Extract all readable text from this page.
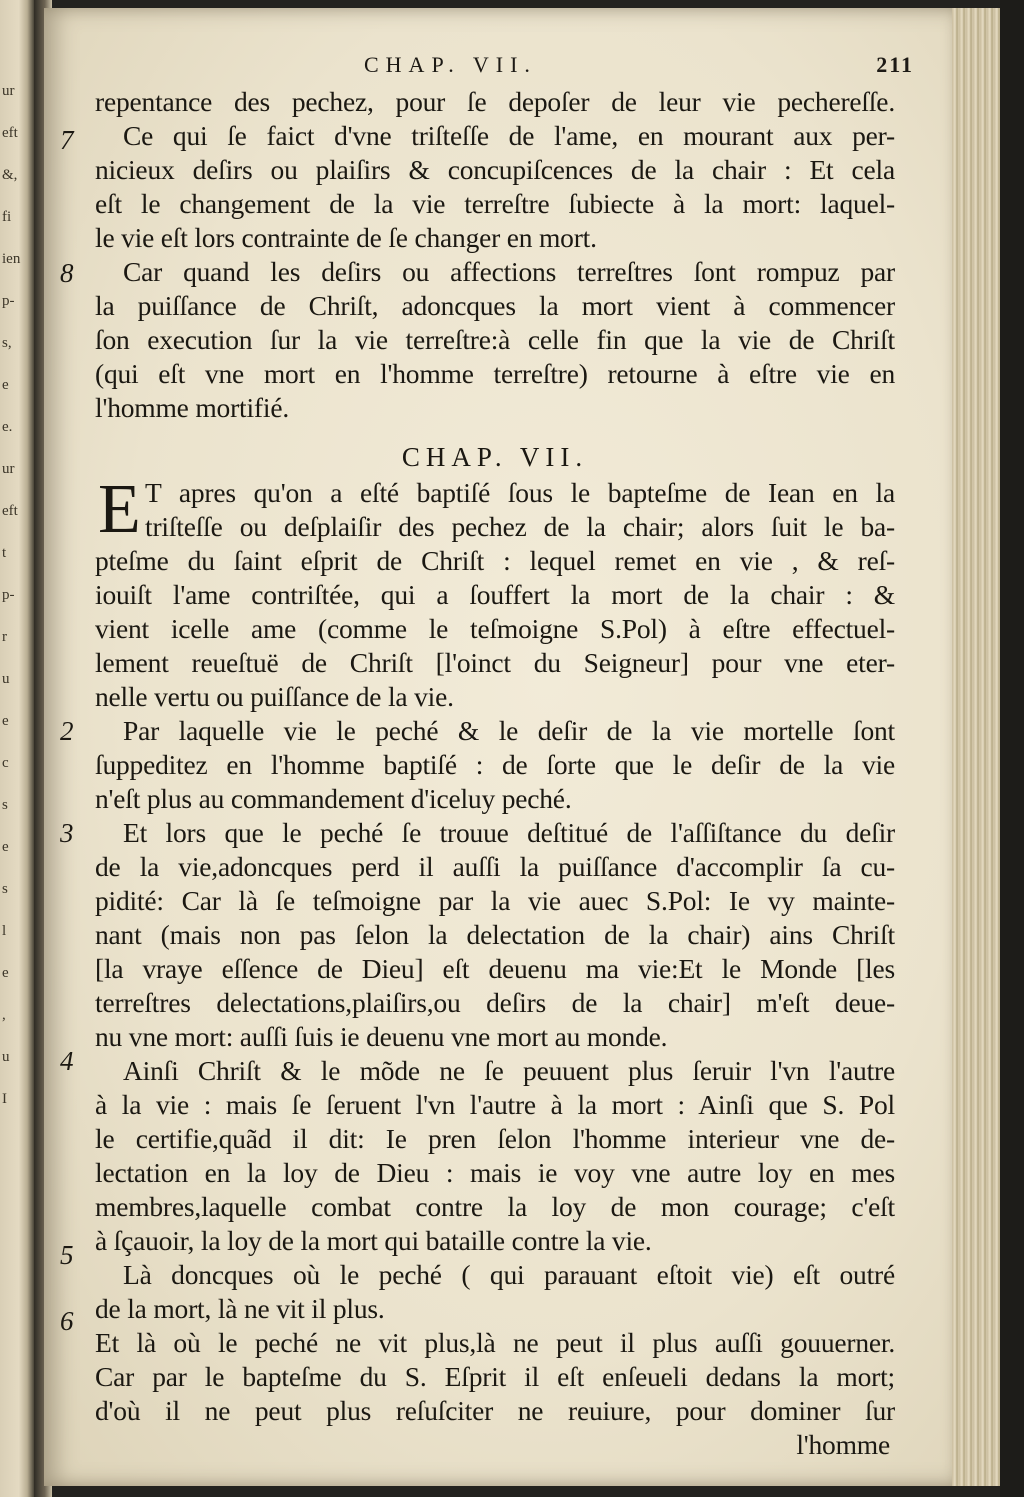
ur
eft
&,
fi
ien
p-
s,
e
e.
ur
eft
t
p-
r
u
e
c
s
e
s
l
e
,
u
I
CHAP. VII.	211
repentance des pechez, pour ſe depoſer de leur vie pechereſſe.
Ce qui ſe faict d'vne triſteſſe de l'ame, en mourant aux per-
nicieux deſirs ou plaiſirs & concupiſcences de la chair : Et cela
eſt le changement de la vie terreſtre ſubiecte à la mort: laquel-
le vie eſt lors contrainte de ſe changer en mort.
Car quand les deſirs ou affections terreſtres ſont rompuz par
la puiſſance de Chriſt, adoncques la mort vient à commencer
ſon execution ſur la vie terreſtre:à celle fin que la vie de Chriſt
(qui eſt vne mort en l'homme terreſtre) retourne à eſtre vie en
l'homme mortifié.
7
8
CHAP. VII.
E T apres qu'on a eſté baptiſé ſous le bapteſme de Iean en la
triſteſſe ou deſplaiſir des pechez de la chair; alors ſuit le ba-
pteſme du ſaint eſprit de Chriſt : lequel remet en vie , & reſ-
iouiſt l'ame contriſtée, qui a ſouffert la mort de la chair : &
vient icelle ame (comme le teſmoigne S.Pol) à eſtre effectuel-
lement reueſtuë de Chriſt [l'oinct du Seigneur] pour vne eter-
nelle vertu ou puiſſance de la vie.
Par laquelle vie le peché & le deſir de la vie mortelle ſont
ſuppeditez en l'homme baptiſé : de ſorte que le deſir de la vie
n'eſt plus au commandement d'iceluy peché.
Et lors que le peché ſe trouue deſtitué de l'aſſiſtance du deſir
de la vie,adoncques perd il auſſi la puiſſance d'accomplir ſa cu-
pidité: Car là ſe teſmoigne par la vie auec S.Pol: Ie vy mainte-
nant (mais non pas ſelon la delectation de la chair) ains Chriſt
[la vraye eſſence de Dieu] eſt deuenu ma vie:Et le Monde [les
terreſtres delectations,plaiſirs,ou deſirs de la chair] m'eſt deue-
nu vne mort: auſſi ſuis ie deuenu vne mort au monde.
Ainſi Chriſt & le mõde ne ſe peuuent plus ſeruir l'vn l'autre
à la vie : mais ſe ſeruent l'vn l'autre à la mort : Ainſi que S. Pol
le certifie,quãd il dit: Ie pren ſelon l'homme interieur vne de-
lectation en la loy de Dieu : mais ie voy vne autre loy en mes
membres,laquelle combat contre la loy de mon courage; c'eſt
à ſçauoir, la loy de la mort qui bataille contre la vie.
Là doncques où le peché ( qui parauant eſtoit vie) eſt outré
de la mort, là ne vit il plus.
Et là où le peché ne vit plus,là ne peut il plus auſſi gouuerner.
Car par le bapteſme du S. Eſprit il eſt enſeueli dedans la mort;
d'où il ne peut plus reſuſciter ne reuiure, pour dominer ſur
l'homme
2
3
4
5
6
